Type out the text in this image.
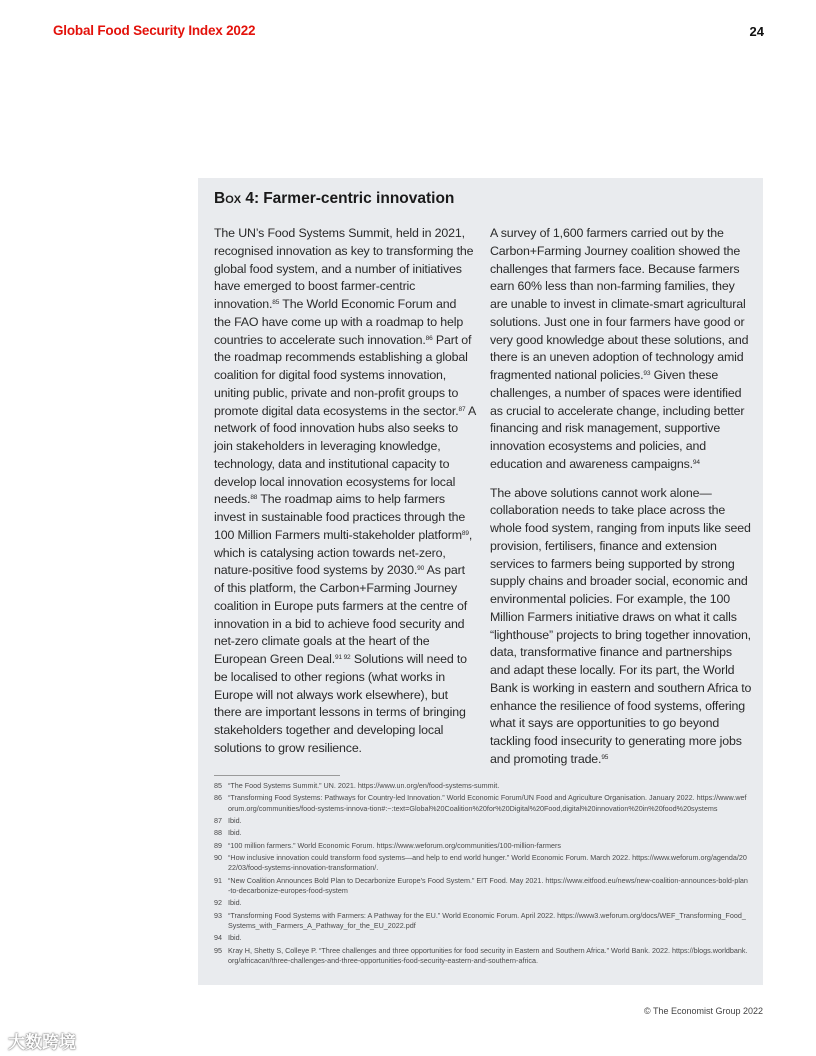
Global Food Security Index 2022	24
Box 4: Farmer-centric innovation

The UN’s Food Systems Summit, held in 2021, recognised innovation as key to transforming the global food system, and a number of initiatives have emerged to boost farmer-centric innovation.$^{85}$ The World Economic Forum and the FAO have come up with a roadmap to help countries to accelerate such innovation.$^{86}$ Part of the roadmap recommends establishing a global coalition for digital food systems innovation, uniting public, private and non-profit groups to promote digital data ecosystems in the sector.$^{87}$ A network of food innovation hubs also seeks to join stakeholders in leveraging knowledge, technology, data and institutional capacity to develop local innovation ecosystems for local needs.$^{88}$ The roadmap aims to help farmers invest in sustainable food practices through the 100 Million Farmers multi-stakeholder platform$^{89}$, which is catalysing action towards net-zero, nature-positive food systems by 2030.90 As part of this platform, the Carbon+Farming Journey coalition in Europe puts farmers at the centre of innovation in a bid to achieve food security and net-zero climate goals at the heart of the European Green Deal.$^{91 92}$ Solutions will need to be localised to other regions (what works in Europe will not always work elsewhere), but there are important lessons in terms of bringing stakeholders together and developing local solutions to grow resilience.

A survey of 1,600 farmers carried out by the Carbon+Farming Journey coalition showed the challenges that farmers face. Because farmers earn 60% less than non-farming families, they are unable to invest in climate-smart agricultural solutions. Just one in four farmers have good or very good knowledge about these solutions, and there is an uneven adoption of technology amid fragmented national policies.$^{93}$ Given these challenges, a number of spaces were identified as crucial to accelerate change, including better financing and risk management, supportive innovation ecosystems and policies, and education and awareness campaigns.$^{94}$

The above solutions cannot work alone—collaboration needs to take place across the whole food system, ranging from inputs like seed provision, fertilisers, finance and extension services to farmers being supported by strong supply chains and broader social, economic and environmental policies. For example, the 100 Million Farmers initiative draws on what it calls “lighthouse” projects to bring together innovation, data, transformative finance and partnerships and adapt these locally. For its part, the World Bank is working in eastern and southern Africa to enhance the resilience of food systems, offering what it says are opportunities to go beyond tackling food insecurity to generating more jobs and promoting trade.$^{95}$

85 “The Food Systems Summit.” UN. 2021. https://www.un.org/en/food-systems-summit.
86 “Transforming Food Systems: Pathways for Country-led Innovation.” World Economic Forum/UN Food and Agriculture Organisation. January 2022. https://www.weforum.org/communities/food-systems-innova-tion#:~:text=Global%20Coalition%20for%20Digital%20Food,digital%20innovation%20in%20food%20systems
87 Ibid.
88 Ibid.
89 “100 million farmers.” World Economic Forum. https://www.weforum.org/communities/100-million-farmers
90 “How inclusive innovation could transform food systems—and help to end world hunger.” World Economic Forum. March 2022. https://www.weforum.org/agenda/2022/03/food-systems-innovation-transformation/.
91 “New Coalition Announces Bold Plan to Decarbonize Europe’s Food System.” EIT Food. May 2021. https://www.eitfood.eu/news/new-coalition-announces-bold-plan-to-decarbonize-europes-food-system
92 Ibid.
93 “Transforming Food Systems with Farmers: A Pathway for the EU.” World Economic Forum. April 2022. https://www3.weforum.org/docs/WEF_Transforming_Food_Systems_with_Farmers_A_Pathway_for_the_EU_2022.pdf
94 Ibid.
95 Kray H, Shetty S, Colleye P. “Three challenges and three opportunities for food security in Eastern and Southern Africa.” World Bank. 2022. https://blogs.worldbank.org/africacan/three-challenges-and-three-opportunities-food-security-eastern-and-southern-africa.
© The Economist Group 2022
大数跨境
